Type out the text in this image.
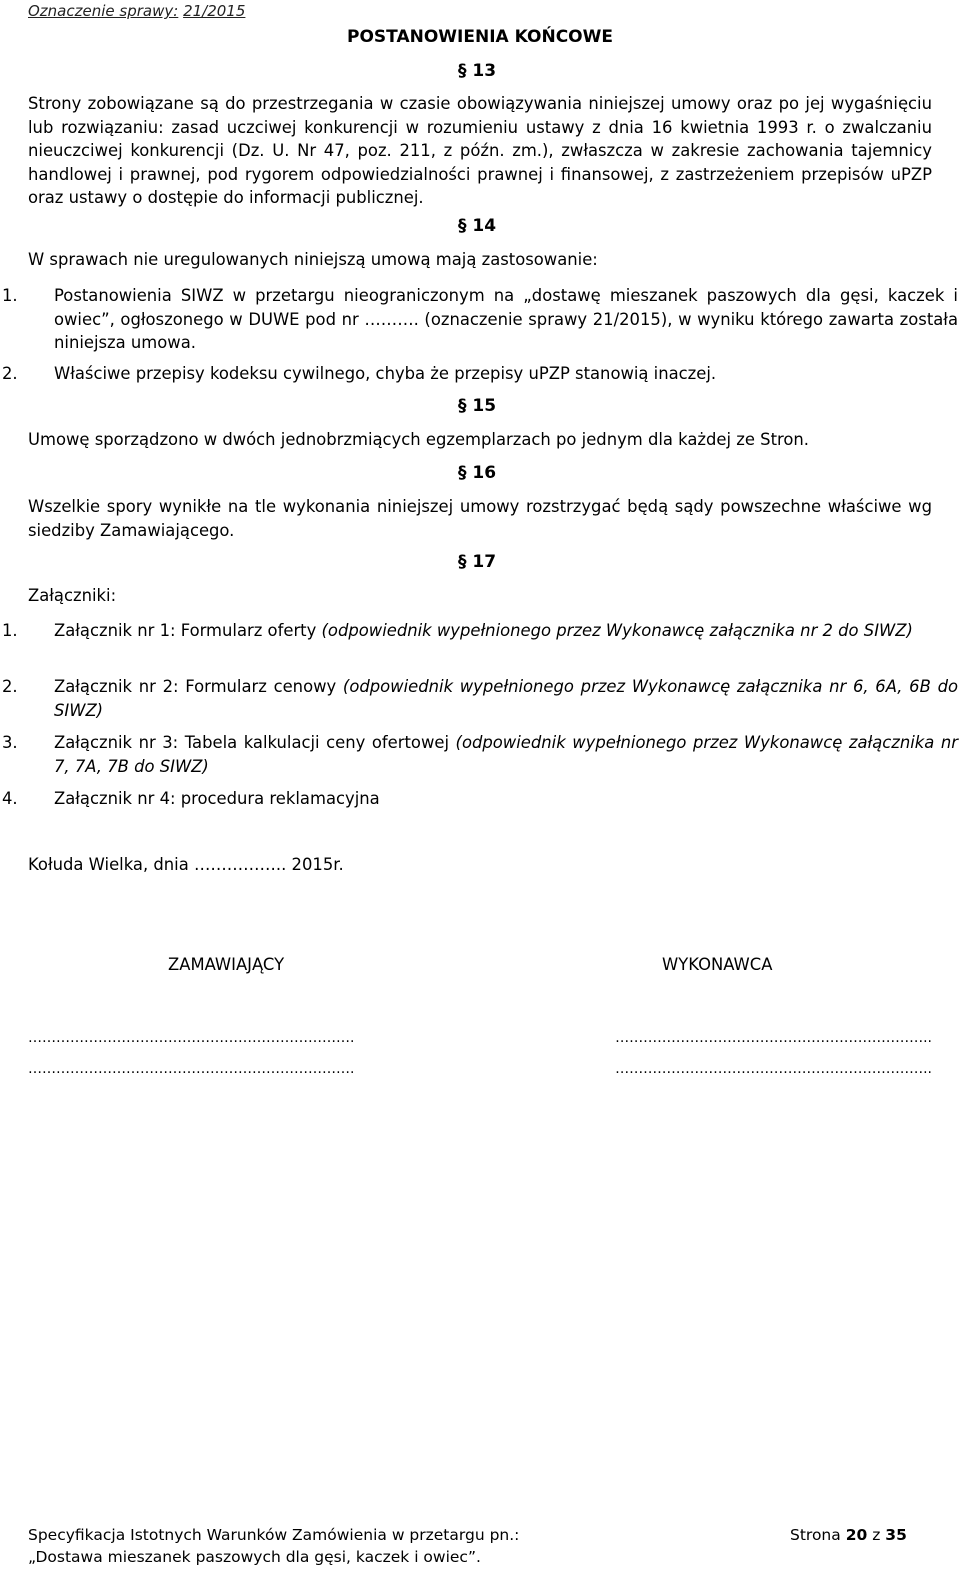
Oznaczenie sprawy: 21/2015
POSTANOWIENIA KOŃCOWE
§ 13
Strony zobowiązane są do przestrzegania w czasie obowiązywania niniejszej umowy oraz po jej wygaśnięciu lub rozwiązaniu: zasad uczciwej konkurencji w rozumieniu ustawy z dnia 16 kwietnia 1993 r. o zwalczaniu nieuczciwej konkurencji (Dz. U. Nr 47, poz. 211, z późn. zm.), zwłaszcza w zakresie zachowania tajemnicy handlowej i prawnej, pod rygorem odpowiedzialności prawnej i finansowej, z zastrzeżeniem przepisów uPZP oraz ustawy o dostępie do informacji publicznej.
§ 14
W sprawach nie uregulowanych niniejszą umową mają zastosowanie:
1. Postanowienia SIWZ w przetargu nieograniczonym na „dostawę mieszanek paszowych dla gęsi, kaczek i owiec”, ogłoszonego w DUWE pod nr ………. (oznaczenie sprawy 21/2015), w wyniku którego zawarta została niniejsza umowa.
2. Właściwe przepisy kodeksu cywilnego, chyba że przepisy uPZP stanowią inaczej.
§ 15
Umowę sporządzono w dwóch jednobrzmiących egzemplarzach po jednym dla każdej ze Stron.
§ 16
Wszelkie spory wynikłe na tle wykonania niniejszej umowy rozstrzygać będą sądy powszechne właściwe wg siedziby Zamawiającego.
§ 17
Załączniki:
1. Załącznik nr 1: Formularz oferty (odpowiednik wypełnionego przez Wykonawcę załącznika nr 2 do SIWZ)
2. Załącznik nr 2: Formularz cenowy (odpowiednik wypełnionego przez Wykonawcę załącznika nr 6, 6A, 6B do SIWZ)
3. Załącznik nr 3: Tabela kalkulacji ceny ofertowej (odpowiednik wypełnionego przez Wykonawcę załącznika nr 7, 7A, 7B do SIWZ)
4. Załącznik nr 4: procedura reklamacyjna
Kołuda Wielka, dnia …………….. 2015r.
ZAMAWIAJĄCY	WYKONAWCA
…………………………………………………………….	…………………………………………………………..
…………………………………………………………….	…………………………………………………………..
Specyfikacja Istotnych Warunków Zamówienia w przetargu pn.:
„Dostawa mieszanek paszowych dla gęsi, kaczek i owiec”.
Strona 20 z 35
